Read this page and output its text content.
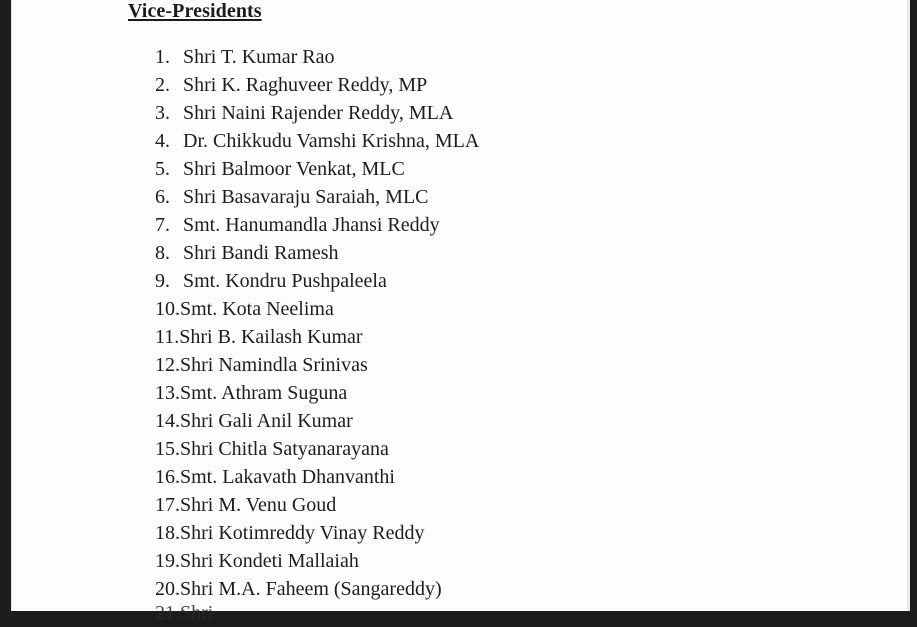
Vice-Presidents
1. Shri T. Kumar Rao
2. Shri K. Raghuveer Reddy, MP
3. Shri Naini Rajender Reddy, MLA
4. Dr. Chikkudu Vamshi Krishna, MLA
5. Shri Balmoor Venkat, MLC
6. Shri Basavaraju Saraiah, MLC
7. Smt. Hanumandla Jhansi Reddy
8. Shri Bandi Ramesh
9. Smt. Kondru Pushpaleela
10. Smt. Kota Neelima
11. Shri B. Kailash Kumar
12. Shri Namindla Srinivas
13. Smt. Athram Suguna
14. Shri Gali Anil Kumar
15. Shri Chitla Satyanarayana
16. Smt. Lakavath Dhanvanthi
17. Shri M. Venu Goud
18. Shri Kotimreddy Vinay Reddy
19. Shri Kondeti Mallaiah
20. Shri M.A. Faheem (Sangareddy)
21.Shri
